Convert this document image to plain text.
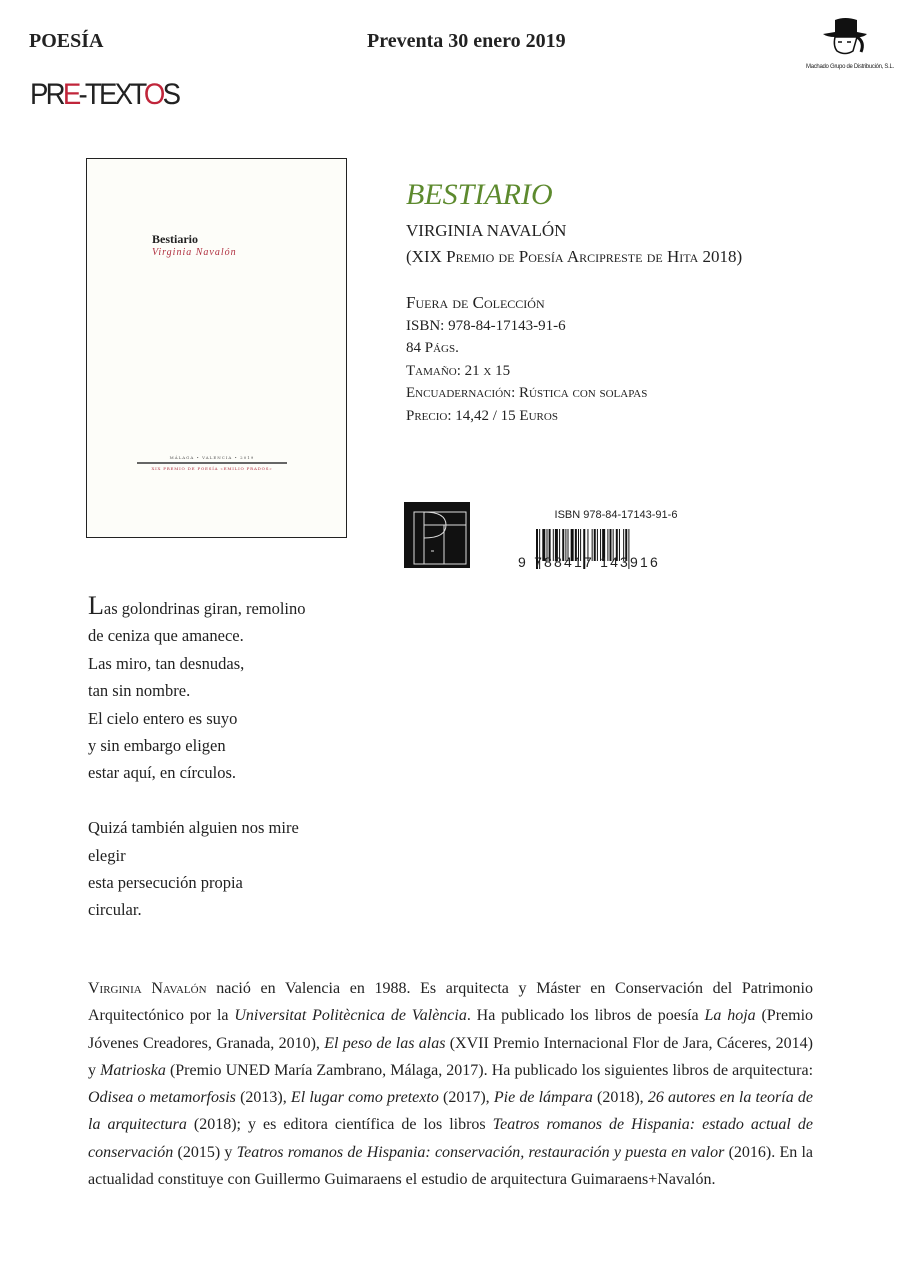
POESÍA	Preventa 30 enero 2019
PRE-TEXTOS
Machado Grupo de Distribución, S.L.
Bestiario
Virginia Navalón
MÁLAGA • VALENCIA • 2019
XIX PREMIO DE POESÍA «EMILIO PRADOS»
BESTIARIO
VIRGINIA NAVALÓN
(XIX Premio de Poesía Arcipreste de Hita 2018)
Fuera de Colección
ISBN: 978-84-17143-91-6
84 Págs.
Tamaño: 21 x 15
Encuadernación: Rústica con solapas
Precio: 14,42 / 15 Euros
ISBN 978-84-17143-91-6
9 788417 143916
Las golondrinas giran, remolino
de ceniza que amanece.
Las miro, tan desnudas,
tan sin nombre.
El cielo entero es suyo
y sin embargo eligen
estar aquí, en círculos.
Quizá también alguien nos mire
elegir
esta persecución propia
circular.
Virginia Navalón nació en Valencia en 1988. Es arquitecta y Máster en Conservación del Patrimonio Arquitectónico por la Universitat Politècnica de València. Ha publicado los libros de poesía La hoja (Premio Jóvenes Creadores, Granada, 2010), El peso de las alas (XVII Premio Internacional Flor de Jara, Cáceres, 2014) y Matrioska (Premio UNED María Zambrano, Málaga, 2017). Ha publicado los siguientes libros de arquitectura: Odisea o metamorfosis (2013), El lugar como pretexto (2017), Pie de lámpara (2018), 26 autores en la teoría de la arquitectura (2018); y es editora científica de los libros Teatros romanos de Hispania: estado actual de conservación (2015) y Teatros romanos de Hispania: conservación, restauración y puesta en valor (2016). En la actualidad constituye con Guillermo Guimaraens el estudio de arquitectura Guimaraens+Navalón.
